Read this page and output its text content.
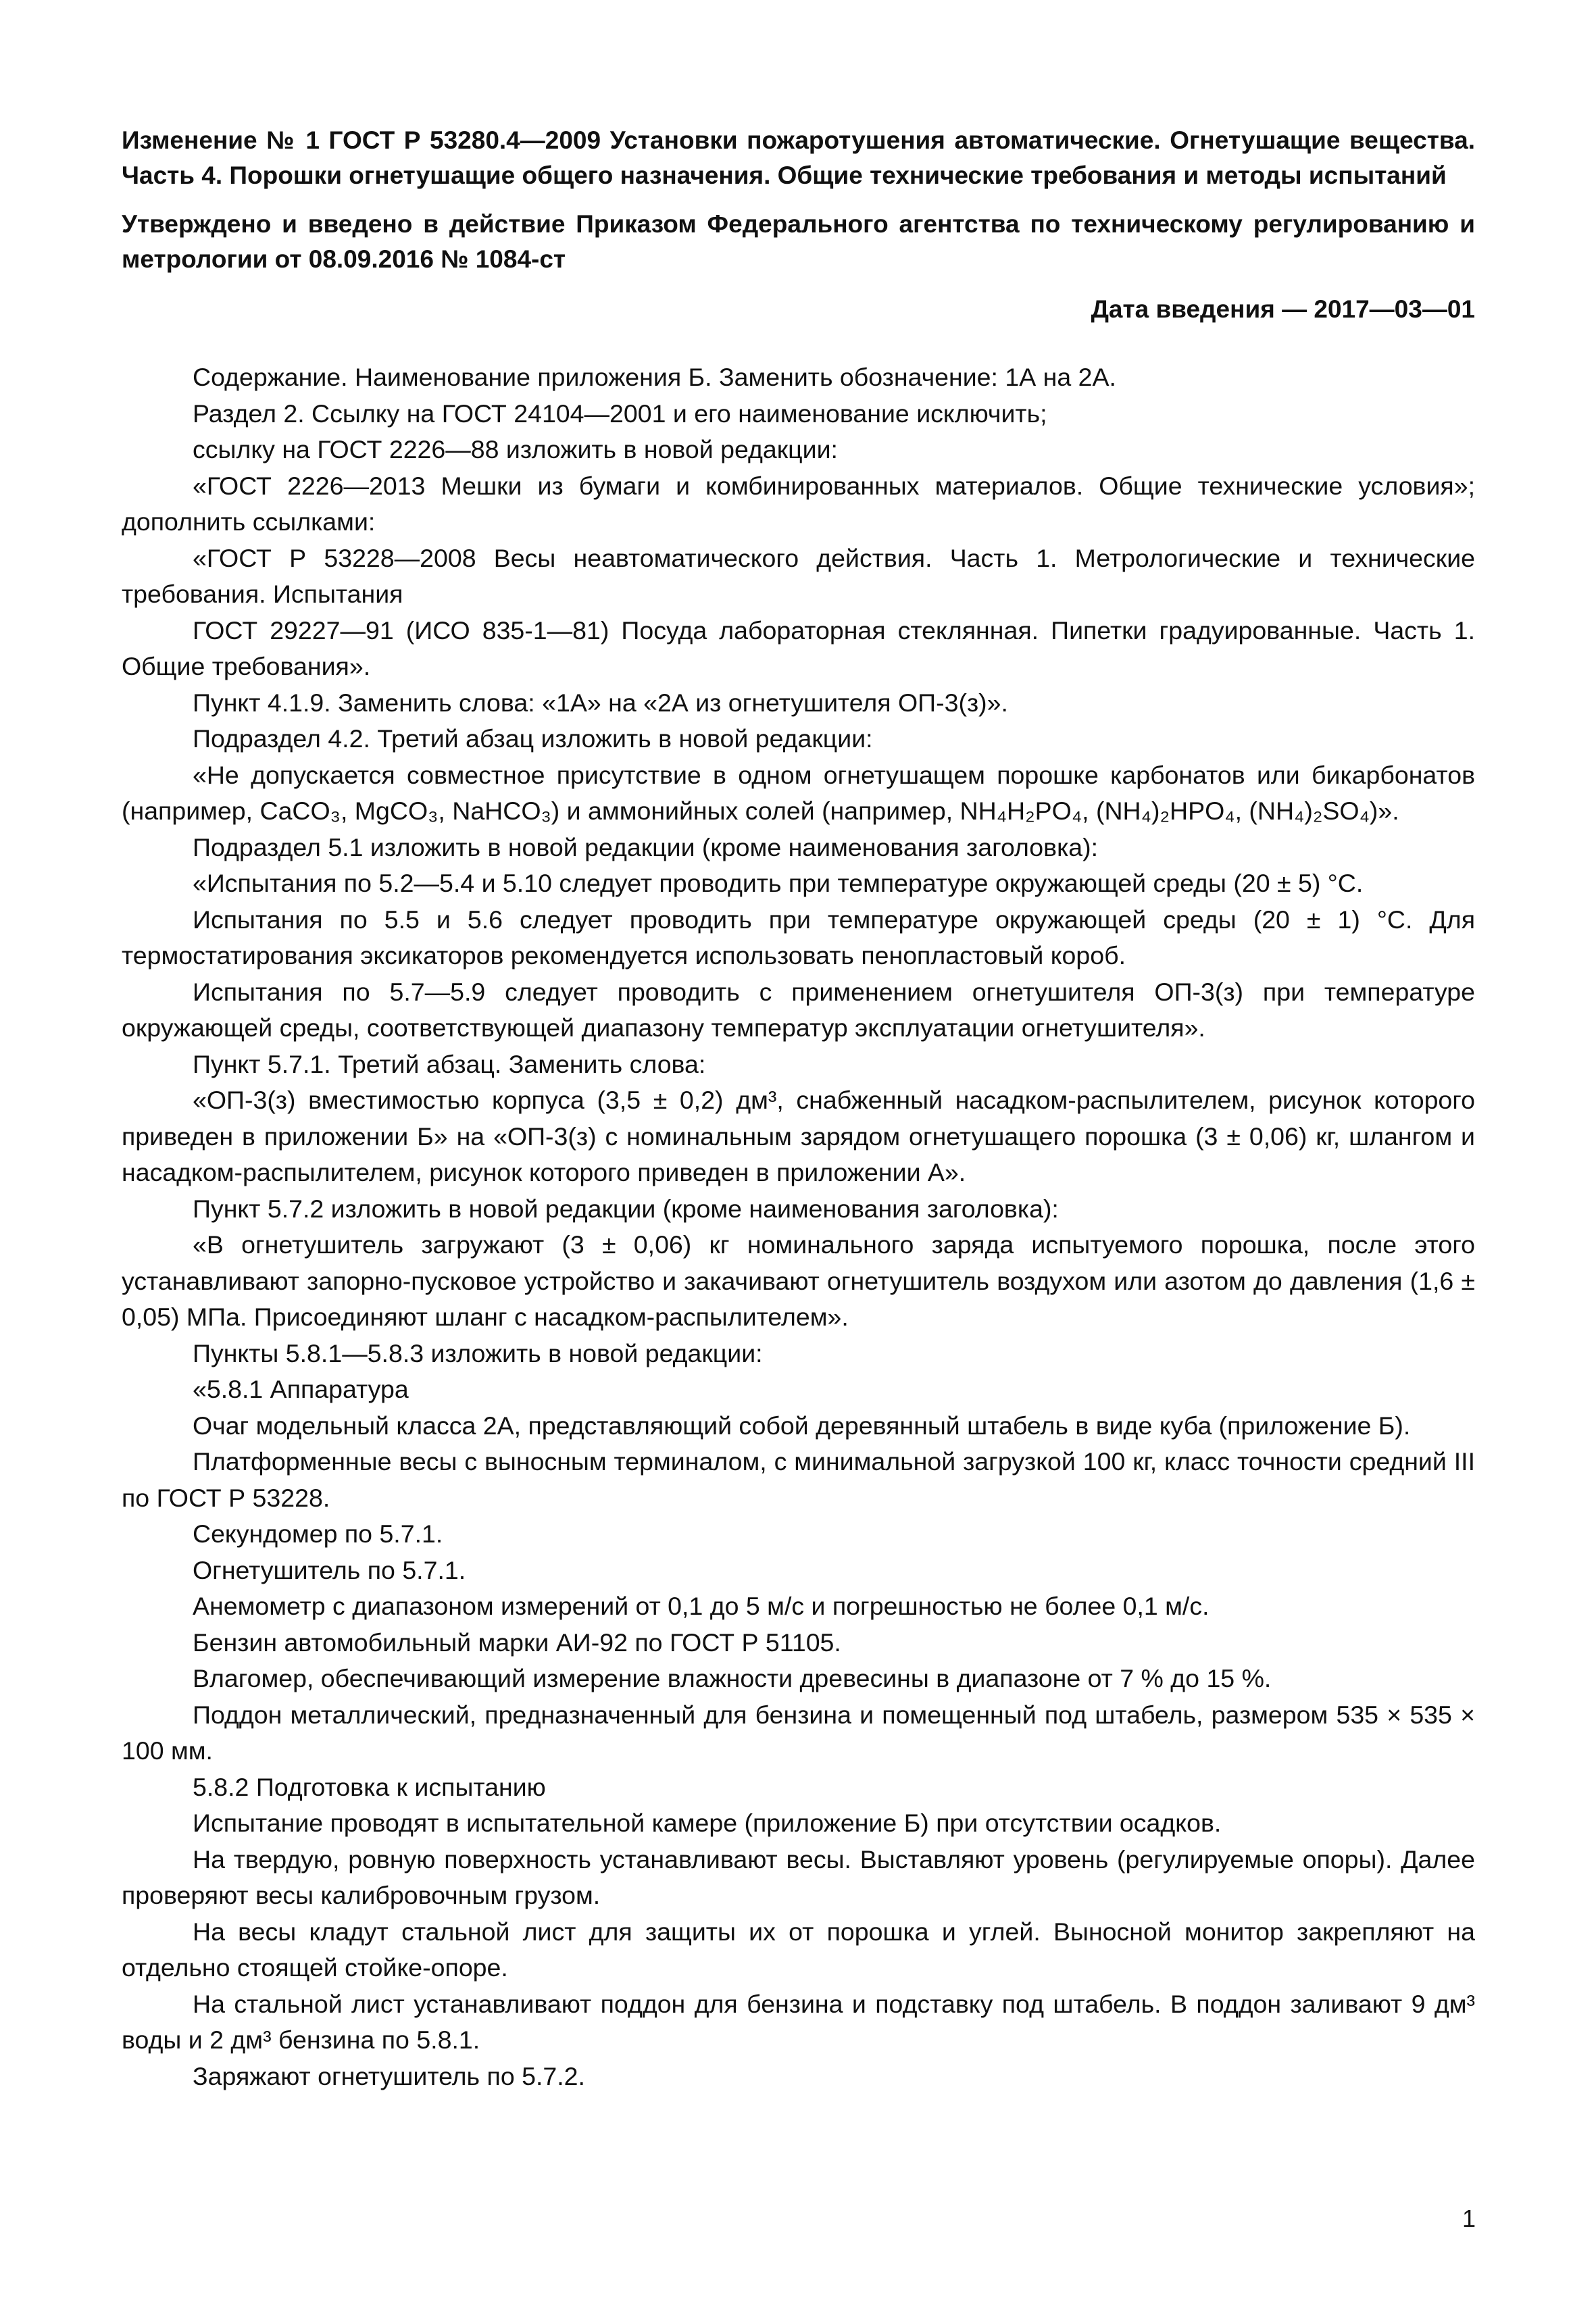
Изменение № 1 ГОСТ Р 53280.4—2009 Установки пожаротушения автоматические. Огнетушащие вещества. Часть 4. Порошки огнетушащие общего назначения. Общие технические требования и методы испытаний

Утверждено и введено в действие Приказом Федерального агентства по техническому регулированию и метрологии от 08.09.2016 № 1084-ст

Дата введения — 2017—03—01

Содержание. Наименование приложения Б. Заменить обозначение: 1А на 2А.

Раздел 2. Ссылку на ГОСТ 24104—2001 и его наименование исключить;

ссылку на ГОСТ 2226—88 изложить в новой редакции:

«ГОСТ 2226—2013 Мешки из бумаги и комбинированных материалов. Общие технические условия»; дополнить ссылками:

«ГОСТ Р 53228—2008 Весы неавтоматического действия. Часть 1. Метрологические и технические требования. Испытания

ГОСТ 29227—91 (ИСО 835-1—81) Посуда лабораторная стеклянная. Пипетки градуированные. Часть 1. Общие требования».

Пункт 4.1.9. Заменить слова: «1А» на «2А из огнетушителя ОП-3(з)».

Подраздел 4.2. Третий абзац изложить в новой редакции:

«Не допускается совместное присутствие в одном огнетушащем порошке карбонатов или бикарбонатов (например, CaCO₃, MgCO₃, NaHCO₃) и аммонийных солей (например, NH₄H₂PO₄, (NH₄)₂HPO₄, (NH₄)₂SO₄)».

Подраздел 5.1 изложить в новой редакции (кроме наименования заголовка):

«Испытания по 5.2—5.4 и 5.10 следует проводить при температуре окружающей среды (20 ± 5) °С.

Испытания по 5.5 и 5.6 следует проводить при температуре окружающей среды (20 ± 1) °С. Для термостатирования эксикаторов рекомендуется использовать пенопластовый короб.

Испытания по 5.7—5.9 следует проводить с применением огнетушителя ОП-3(з) при температуре окружающей среды, соответствующей диапазону температур эксплуатации огнетушителя».

Пункт 5.7.1. Третий абзац. Заменить слова:

«ОП-3(з) вместимостью корпуса (3,5 ± 0,2) дм³, снабженный насадком-распылителем, рисунок которого приведен в приложении Б» на «ОП-3(з) с номинальным зарядом огнетушащего порошка (3 ± 0,06) кг, шлангом и насадком-распылителем, рисунок которого приведен в приложении А».

Пункт 5.7.2 изложить в новой редакции (кроме наименования заголовка):

«В огнетушитель загружают (3 ± 0,06) кг номинального заряда испытуемого порошка, после этого устанавливают запорно-пусковое устройство и закачивают огнетушитель воздухом или азотом до давления (1,6 ± 0,05) МПа. Присоединяют шланг с насадком-распылителем».

Пункты 5.8.1—5.8.3 изложить в новой редакции:

«5.8.1 Аппаратура

Очаг модельный класса 2А, представляющий собой деревянный штабель в виде куба (приложение Б).

Платформенные весы с выносным терминалом, с минимальной загрузкой 100 кг, класс точности средний III по ГОСТ Р 53228.

Секундомер по 5.7.1.

Огнетушитель по 5.7.1.

Анемометр с диапазоном измерений от 0,1 до 5 м/с и погрешностью не более 0,1 м/с.

Бензин автомобильный марки АИ-92 по ГОСТ Р 51105.

Влагомер, обеспечивающий измерение влажности древесины в диапазоне от 7 % до 15 %.

Поддон металлический, предназначенный для бензина и помещенный под штабель, размером 535 × 535 × 100 мм.

5.8.2 Подготовка к испытанию

Испытание проводят в испытательной камере (приложение Б) при отсутствии осадков.

На твердую, ровную поверхность устанавливают весы. Выставляют уровень (регулируемые опоры). Далее проверяют весы калибровочным грузом.

На весы кладут стальной лист для защиты их от порошка и углей. Выносной монитор закрепляют на отдельно стоящей стойке-опоре.

На стальной лист устанавливают поддон для бензина и подставку под штабель. В поддон заливают 9 дм³ воды и 2 дм³ бензина по 5.8.1.

Заряжают огнетушитель по 5.7.2.

1
